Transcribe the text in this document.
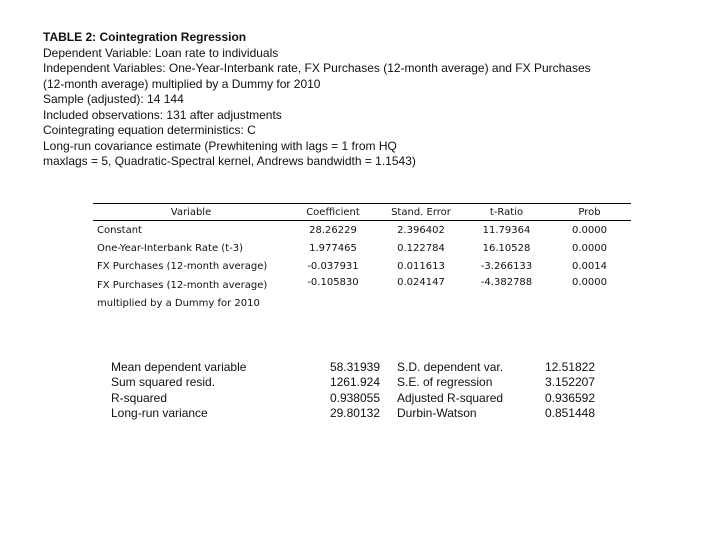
TABLE 2: Cointegration Regression
Dependent Variable: Loan rate to individuals
Independent Variables: One-Year-Interbank rate, FX Purchases (12-month average) and FX Purchases
(12-month average) multiplied by a Dummy for 2010
Sample (adjusted): 14 144
Included observations: 131 after adjustments
Cointegrating equation deterministics: C
Long-run covariance estimate (Prewhitening with lags = 1 from HQ
maxlags = 5, Quadratic-Spectral kernel, Andrews bandwidth = 1.1543)
Variable	Coefficient	Stand. Error	t-Ratio	Prob
Constant	28.26229	2.396402	11.79364	0.0000
One-Year-Interbank Rate (t-3)	1.977465	0.122784	16.10528	0.0000
FX Purchases (12-month average)	-0.037931	0.011613	-3.266133	0.0014
FX Purchases (12-month average) multiplied by a Dummy for 2010	-0.105830	0.024147	-4.382788	0.0000
Mean dependent variable	58.31939	S.D. dependent var.	12.51822
Sum squared resid.	1261.924	S.E. of regression	3.152207
R-squared	0.938055	Adjusted R-squared	0.936592
Long-run variance	29.80132	Durbin-Watson	0.851448
